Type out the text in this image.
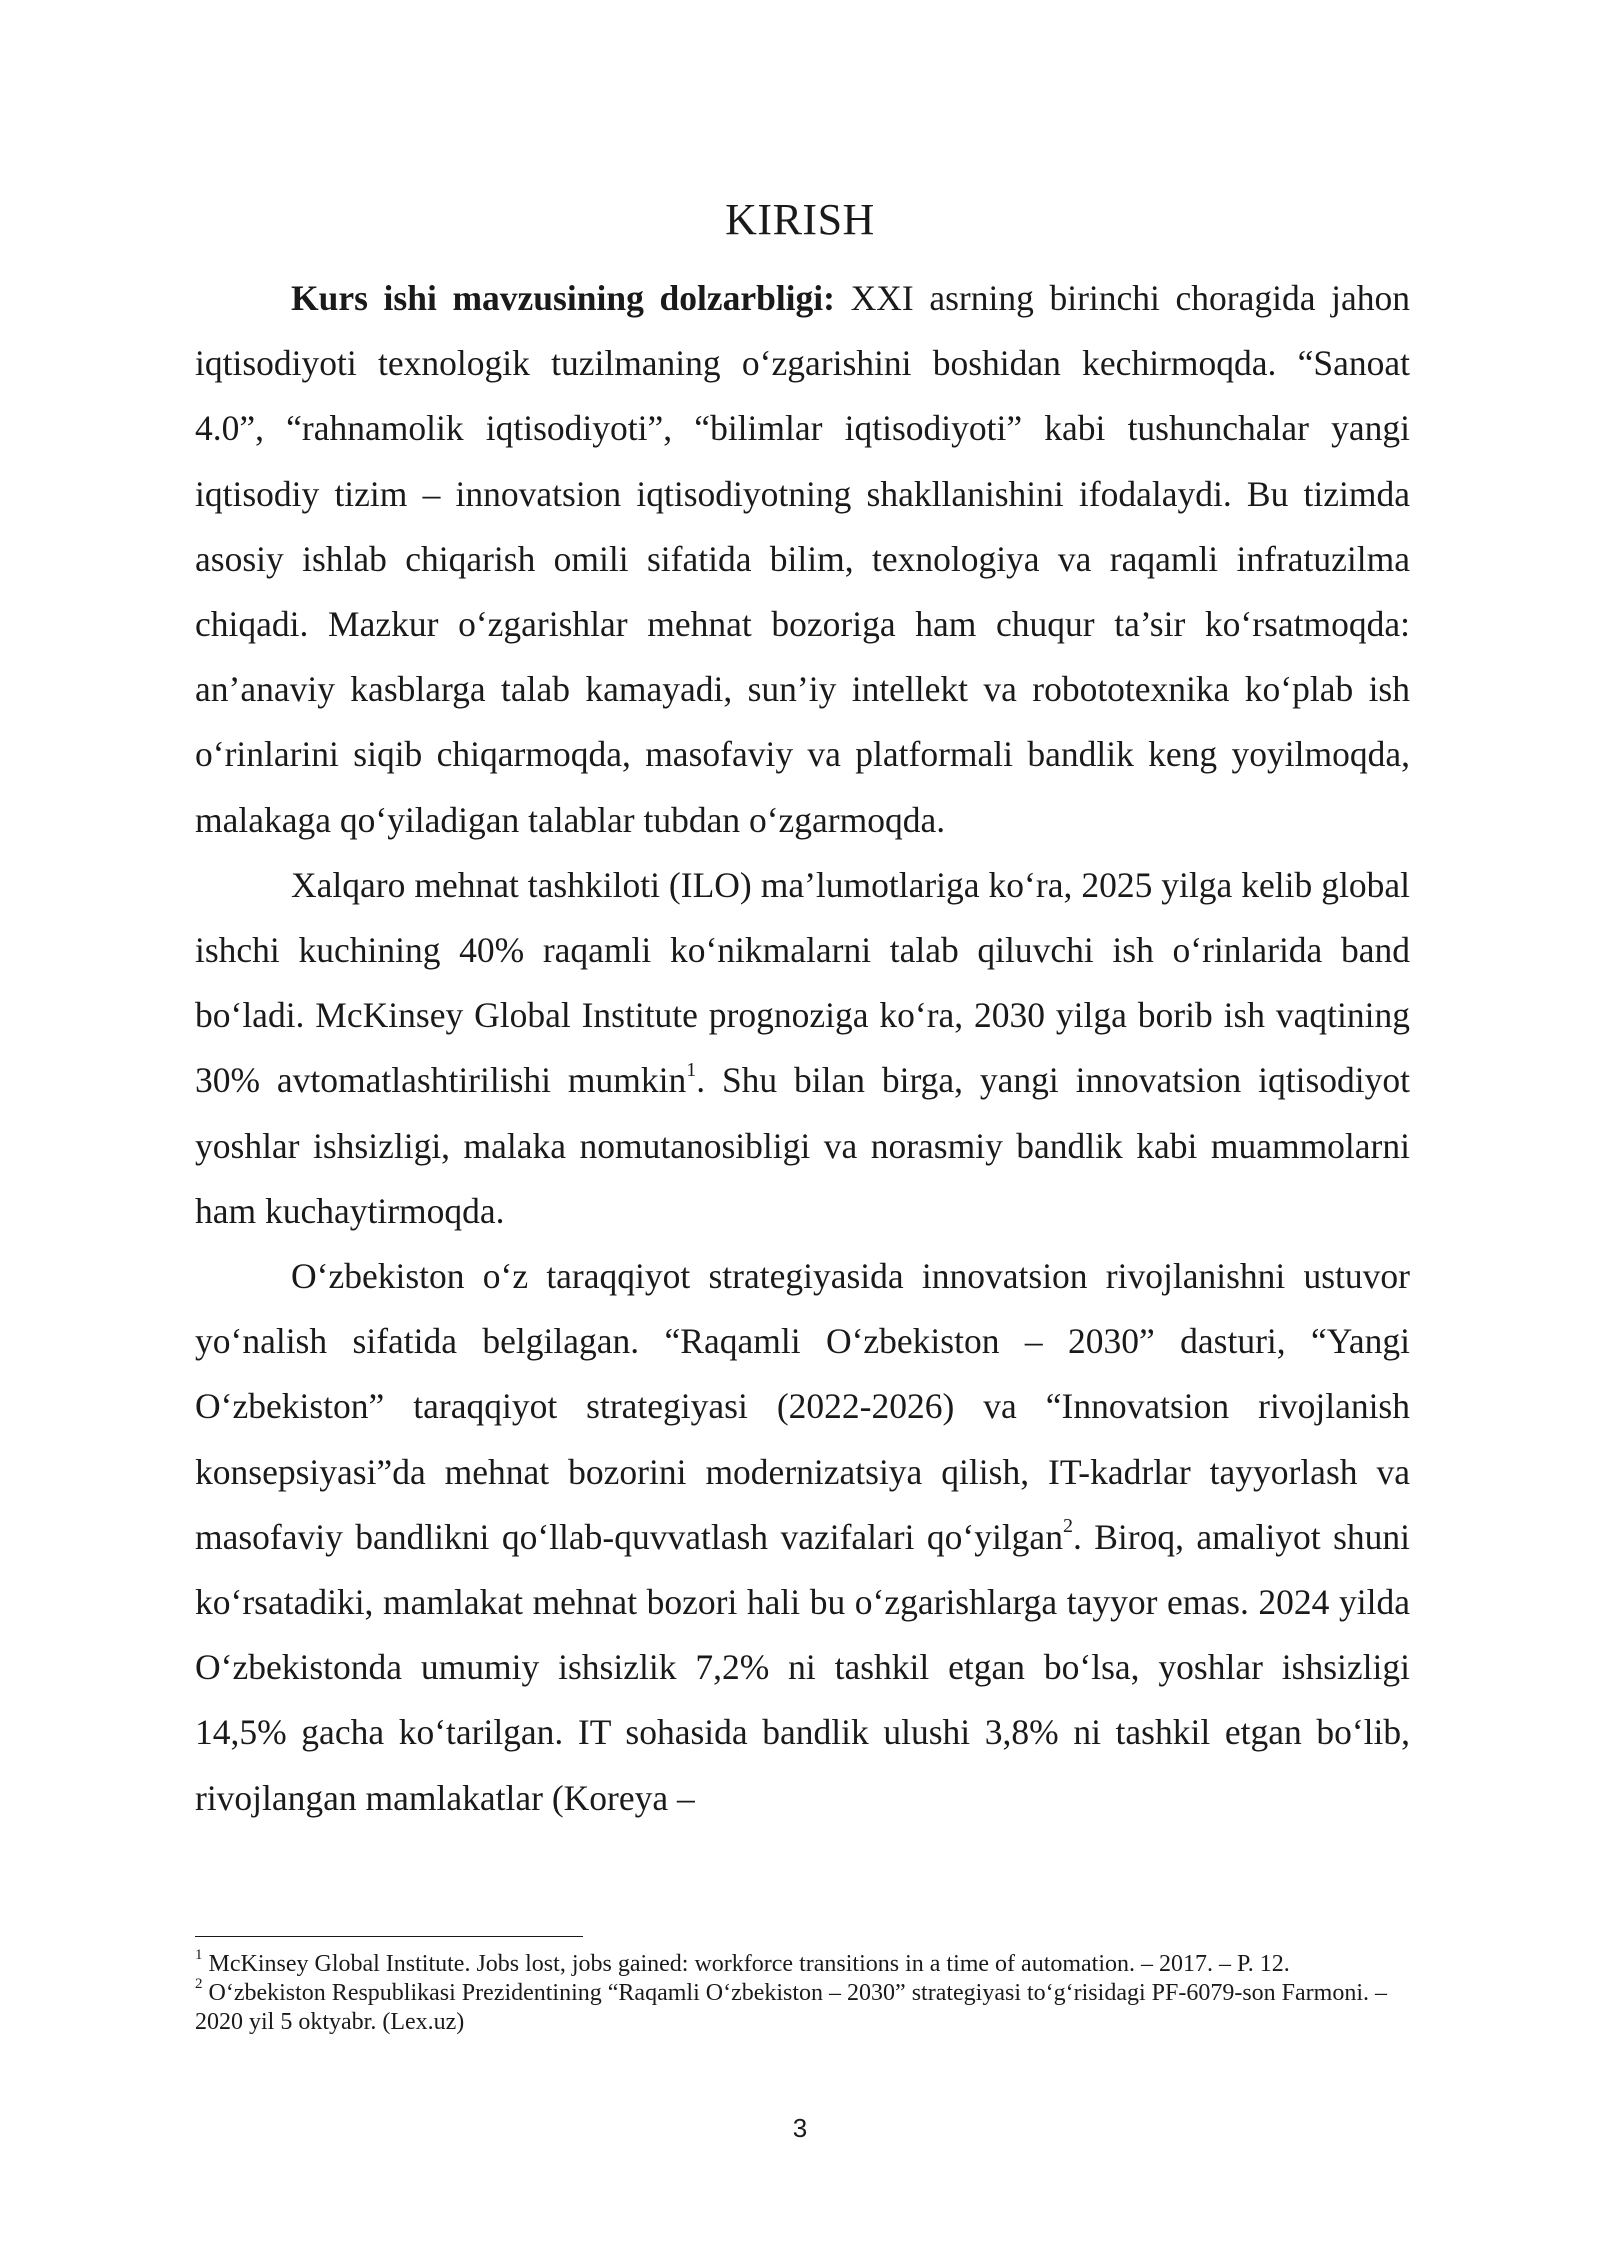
KIRISH

Kurs ishi mavzusining dolzarbligi: XXI asrning birinchi choragida jahon iqtisodiyoti texnologik tuzilmaning o‘zgarishini boshidan kechirmoqda. “Sanoat 4.0”, “rahnamolik iqtisodiyoti”, “bilimlar iqtisodiyoti” kabi tushunchalar yangi iqtisodiy tizim – innovatsion iqtisodiyotning shakllanishini ifodalaydi. Bu tizimda asosiy ishlab chiqarish omili sifatida bilim, texnologiya va raqamli infratuzilma chiqadi. Mazkur o‘zgarishlar mehnat bozoriga ham chuqur ta’sir ko‘rsatmoqda: an’anaviy kasblarga talab kamayadi, sun’iy intellekt va robototexnika ko‘plab ish o‘rinlarini siqib chiqarmoqda, masofaviy va platformali bandlik keng yoyilmoqda, malakaga qo‘yiladigan talablar tubdan o‘zgarmoqda.

Xalqaro mehnat tashkiloti (ILO) ma’lumotlariga ko‘ra, 2025 yilga kelib global ishchi kuchining 40% raqamli ko‘nikmalarni talab qiluvchi ish o‘rinlarida band bo‘ladi. McKinsey Global Institute prognoziga ko‘ra, 2030 yilga borib ish vaqtining 30% avtomatlashtirilishi mumkin$^1$. Shu bilan birga, yangi innovatsion iqtisodiyot yoshlar ishsizligi, malaka nomutanosibligi va norasmiy bandlik kabi muammolarni ham kuchaytirmoqda.

O‘zbekiston o‘z taraqqiyot strategiyasida innovatsion rivojlanishni ustuvor yo‘nalish sifatida belgilagan. “Raqamli O‘zbekiston – 2030” dasturi, “Yangi O‘zbekiston” taraqqiyot strategiyasi (2022-2026) va “Innovatsion rivojlanish konsepsiyasi”da mehnat bozorini modernizatsiya qilish, IT-kadrlar tayyorlash va masofaviy bandlikni qo‘llab-quvvatlash vazifalari qo‘yilgan$^2$. Biroq, amaliyot shuni ko‘rsatadiki, mamlakat mehnat bozori hali bu o‘zgarishlarga tayyor emas. 2024 yilda O‘zbekistonda umumiy ishsizlik 7,2% ni tashkil etgan bo‘lsa, yoshlar ishsizligi 14,5% gacha ko‘tarilgan. IT sohasida bandlik ulushi 3,8% ni tashkil etgan bo‘lib, rivojlangan mamlakatlar (Koreya –

$^1$ McKinsey Global Institute. Jobs lost, jobs gained: workforce transitions in a time of automation. – 2017. – P. 12.

$^2$ O‘zbekiston Respublikasi Prezidentining “Raqamli O‘zbekiston – 2030” strategiyasi to‘g‘risidagi PF-6079-son Farmoni. – 2020 yil 5 oktyabr. (Lex.uz)

3
